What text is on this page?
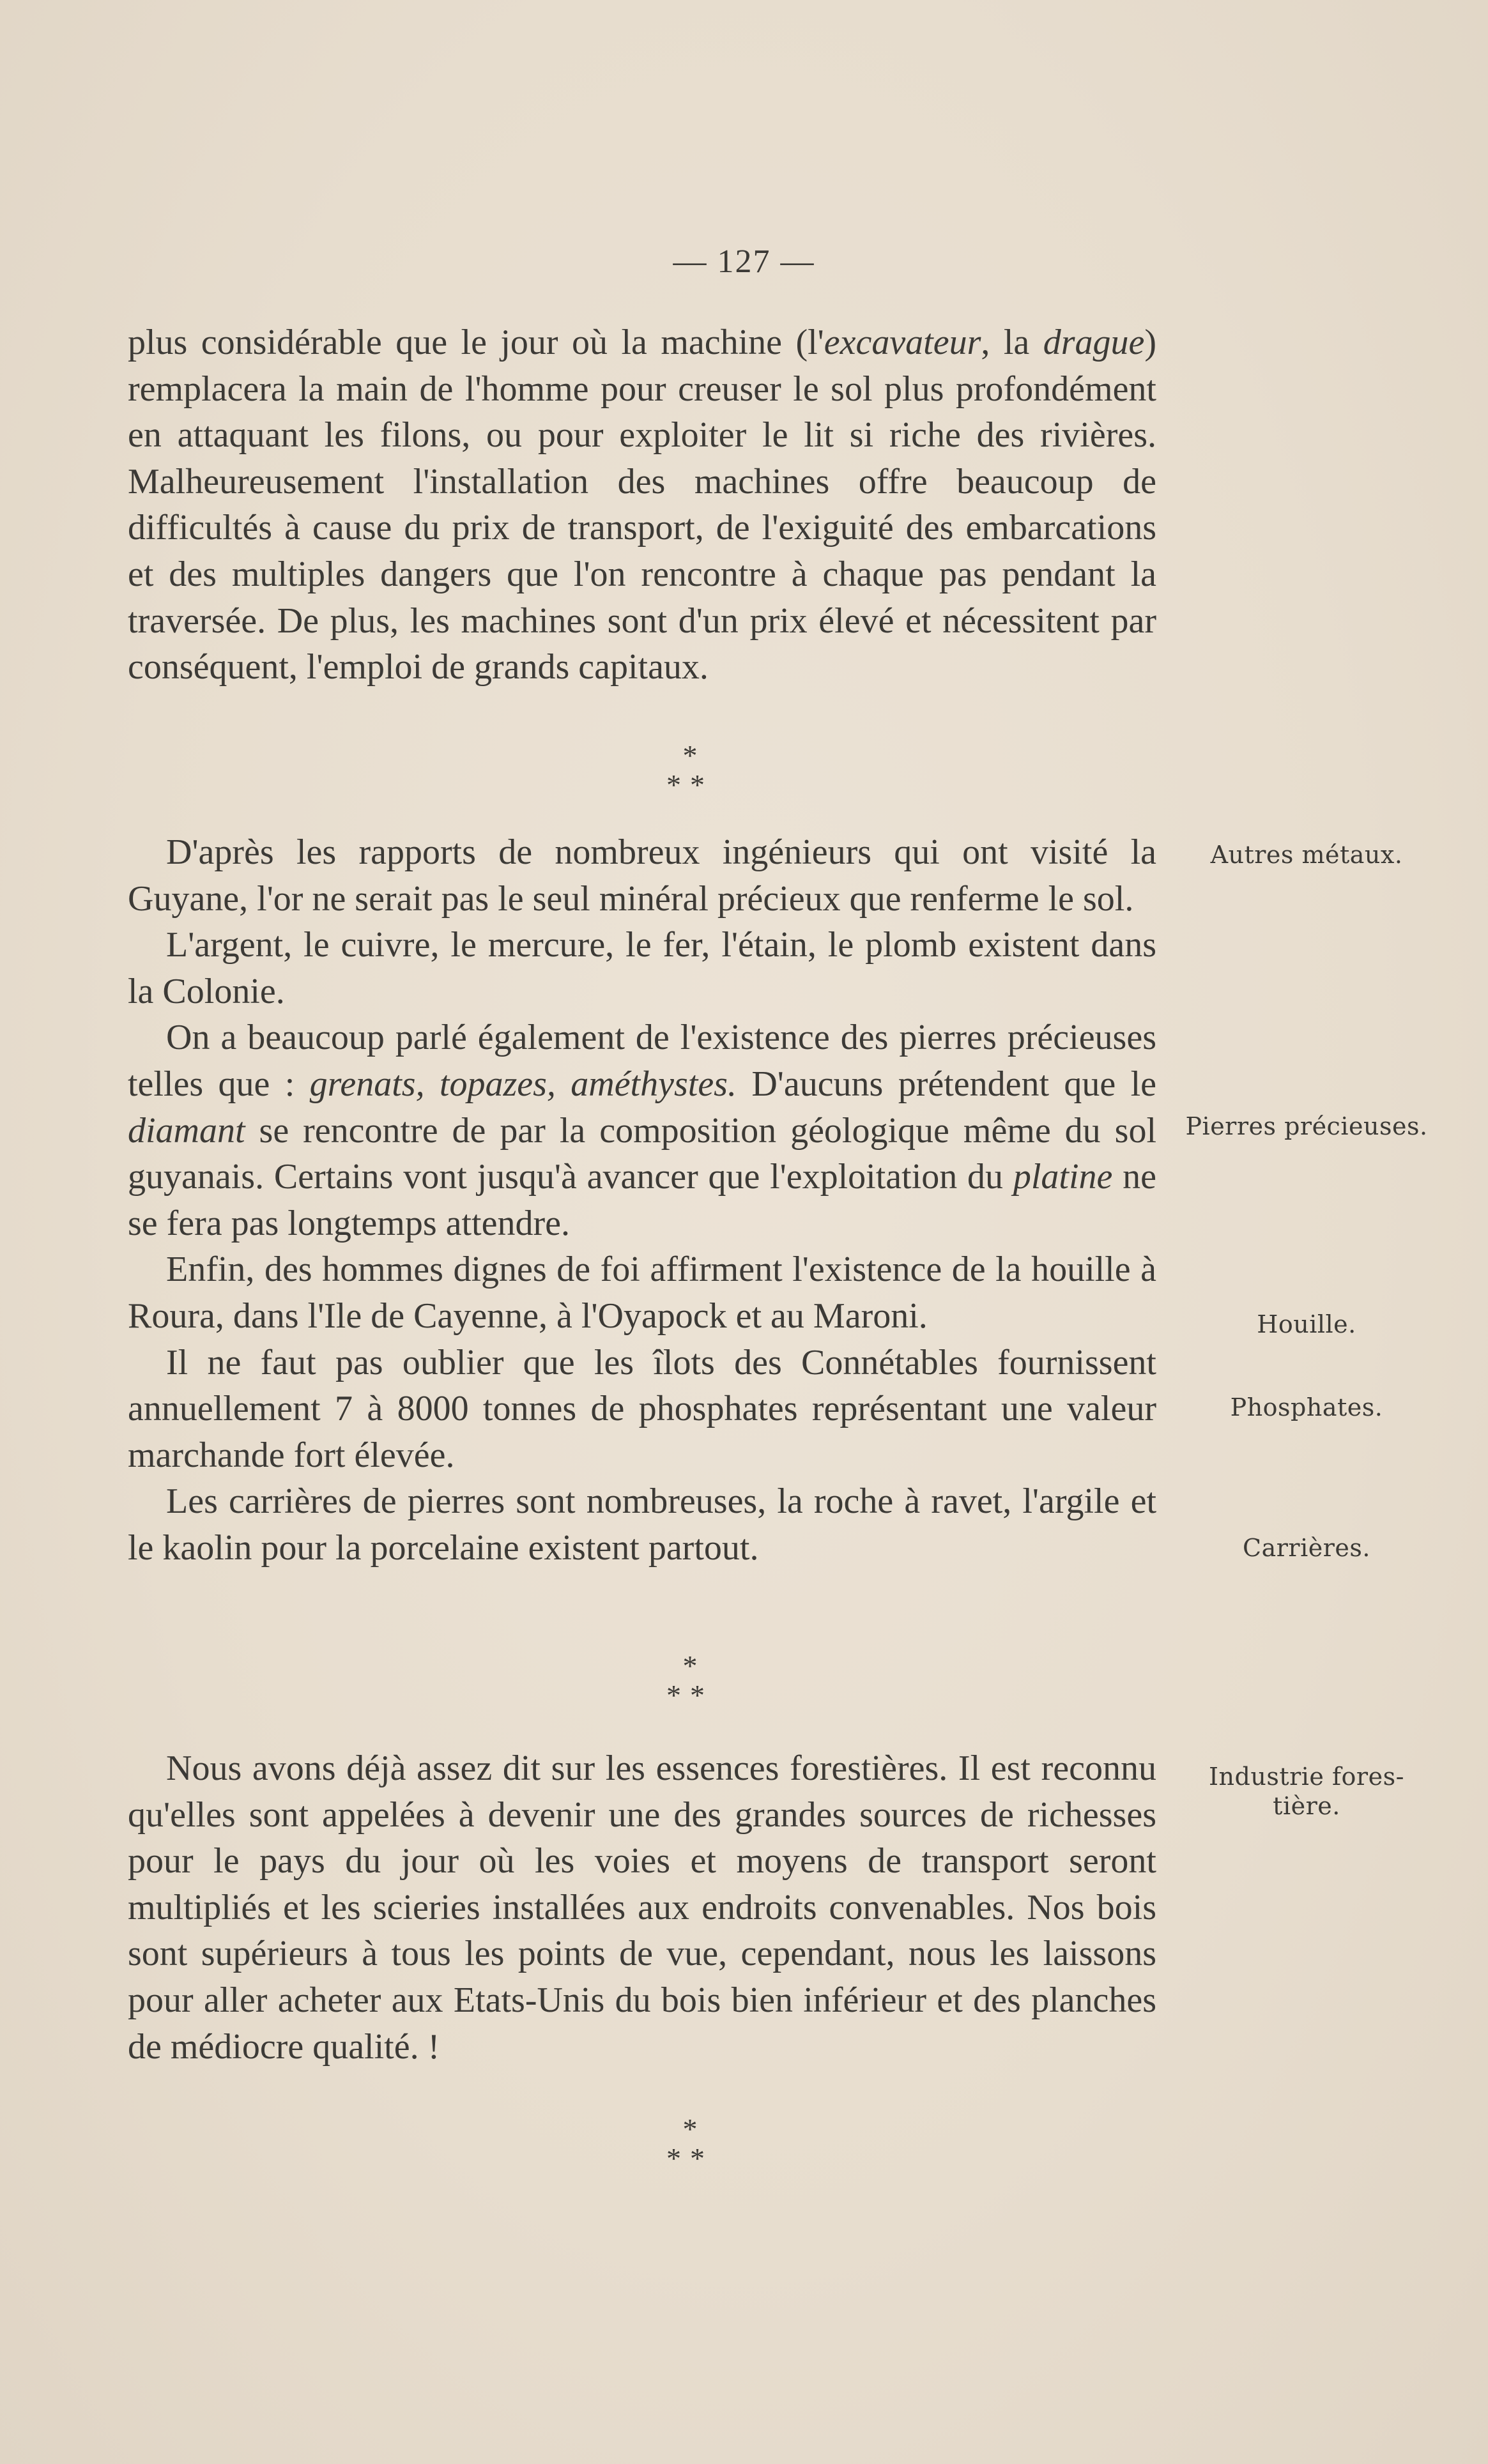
— 127 —

plus considérable que le jour où la machine (l'excavateur, la drague) remplacera la main de l'homme pour creuser le sol plus profondément en attaquant les filons, ou pour exploiter le lit si riche des rivières. Malheureusement l'installation des machines offre beaucoup de difficultés à cause du prix de transport, de l'exiguité des embarcations et des multiples dangers que l'on rencontre à chaque pas pendant la traversée. De plus, les machines sont d'un prix élevé et nécessitent par conséquent, l'emploi de grands capitaux.

*
**

D'après les rapports de nombreux ingénieurs qui ont visité la Guyane, l'or ne serait pas le seul minéral précieux que renferme le sol.

L'argent, le cuivre, le mercure, le fer, l'étain, le plomb existent dans la Colonie.

On a beaucoup parlé également de l'existence des pierres précieuses telles que : grenats, topazes, améthystes. D'aucuns prétendent que le diamant se rencontre de par la composition géologique même du sol guyanais. Certains vont jusqu'à avancer que l'exploitation du platine ne se fera pas longtemps attendre.

Enfin, des hommes dignes de foi affirment l'existence de la houille à Roura, dans l'Ile de Cayenne, à l'Oyapock et au Maroni.

Il ne faut pas oublier que les îlots des Connétables fournissent annuellement 7 à 8000 tonnes de phosphates représentant une valeur marchande fort élevée.

Les carrières de pierres sont nombreuses, la roche à ravet, l'argile et le kaolin pour la porcelaine existent partout.

*
**

Nous avons déjà assez dit sur les essences forestières. Il est reconnu qu'elles sont appelées à devenir une des grandes sources de richesses pour le pays du jour où les voies et moyens de transport seront multipliés et les scieries installées aux endroits convenables. Nos bois sont supérieurs à tous les points de vue, cependant, nous les laissons pour aller acheter aux Etats-Unis du bois bien inférieur et des planches de médiocre qualité. !

*
**
Autres métaux.
Pierres précieuses.
Houille.
Phosphates.
Carrières.
Industrie fores-
tière.
